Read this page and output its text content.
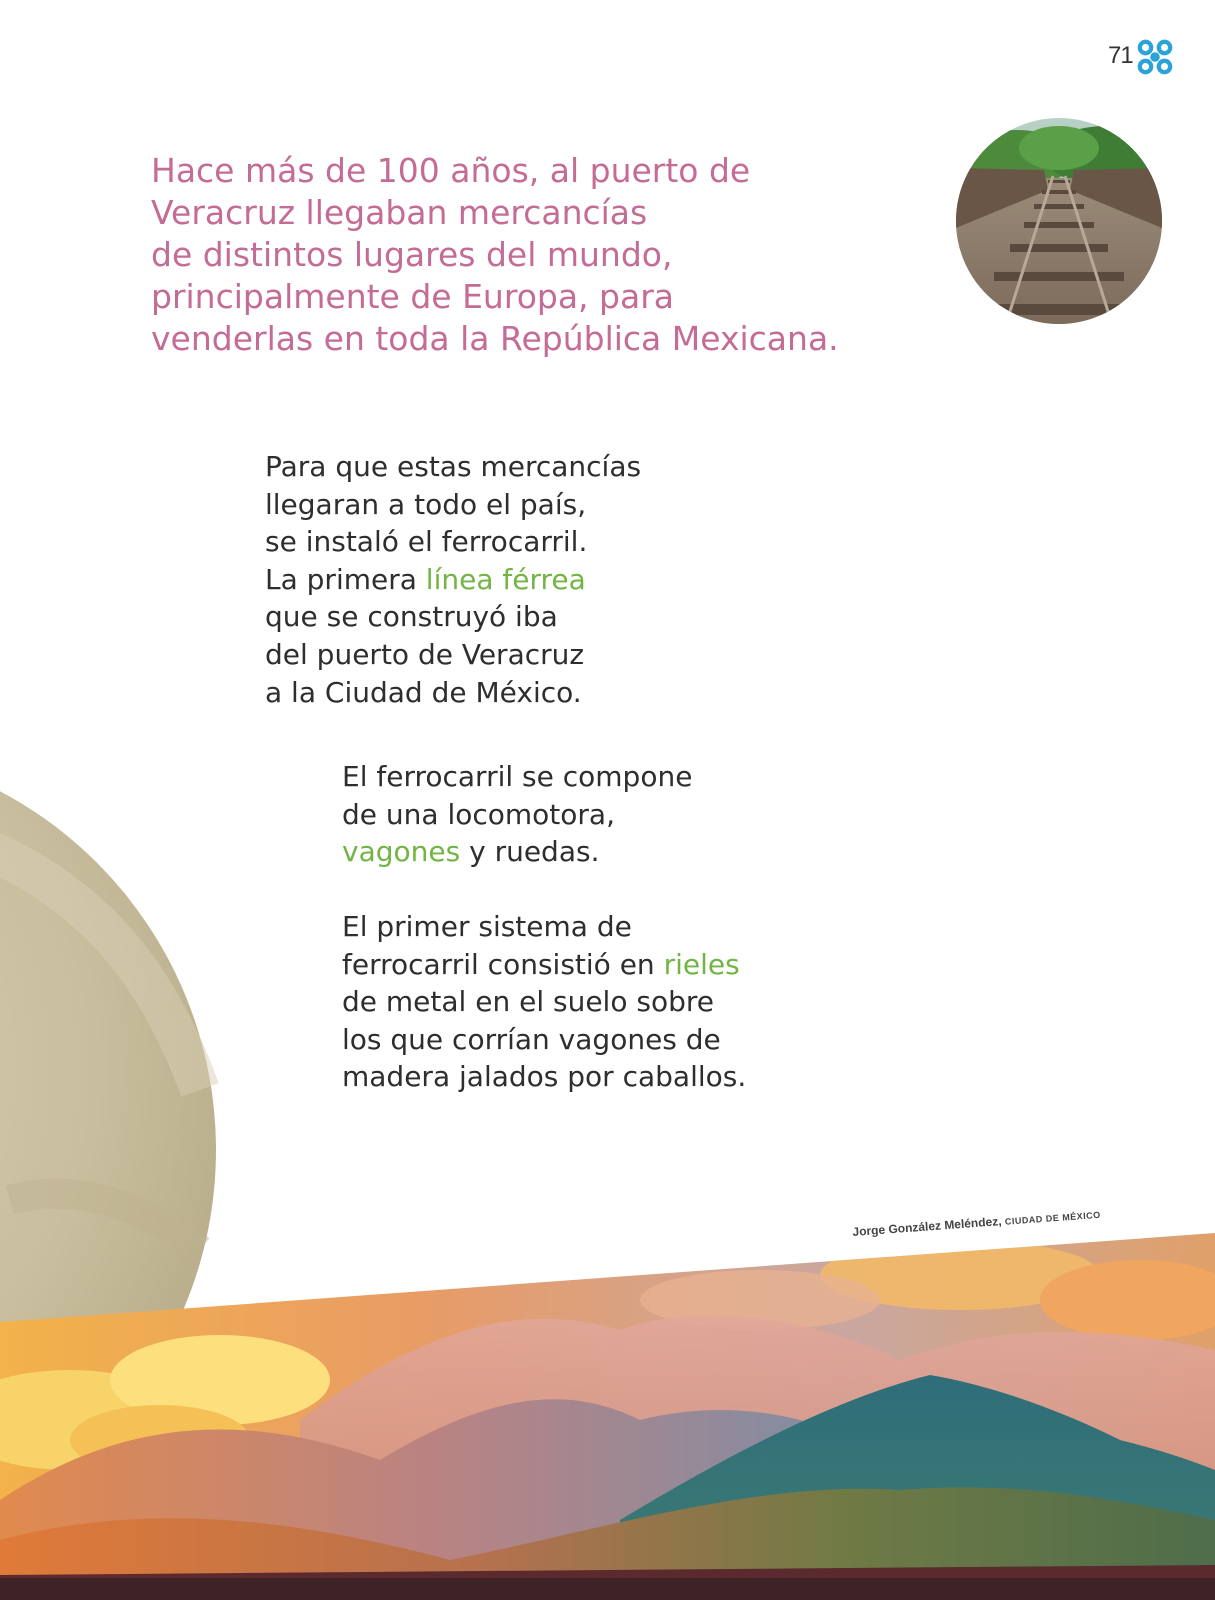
71

Hace más de 100 años, al puerto de
Veracruz llegaban mercancías
de distintos lugares del mundo,
principalmente de Europa, para
venderlas en toda la República Mexicana.

Para que estas mercancías
llegaran a todo el país,
se instaló el ferrocarril.
La primera línea férrea
que se construyó iba
del puerto de Veracruz
a la Ciudad de México.

El ferrocarril se compone
de una locomotora,
vagones y ruedas.

El primer sistema de
ferrocarril consistió en rieles
de metal en el suelo sobre
los que corrían vagones de
madera jalados por caballos.

Jorge González Meléndez, CIUDAD DE MÉXICO
